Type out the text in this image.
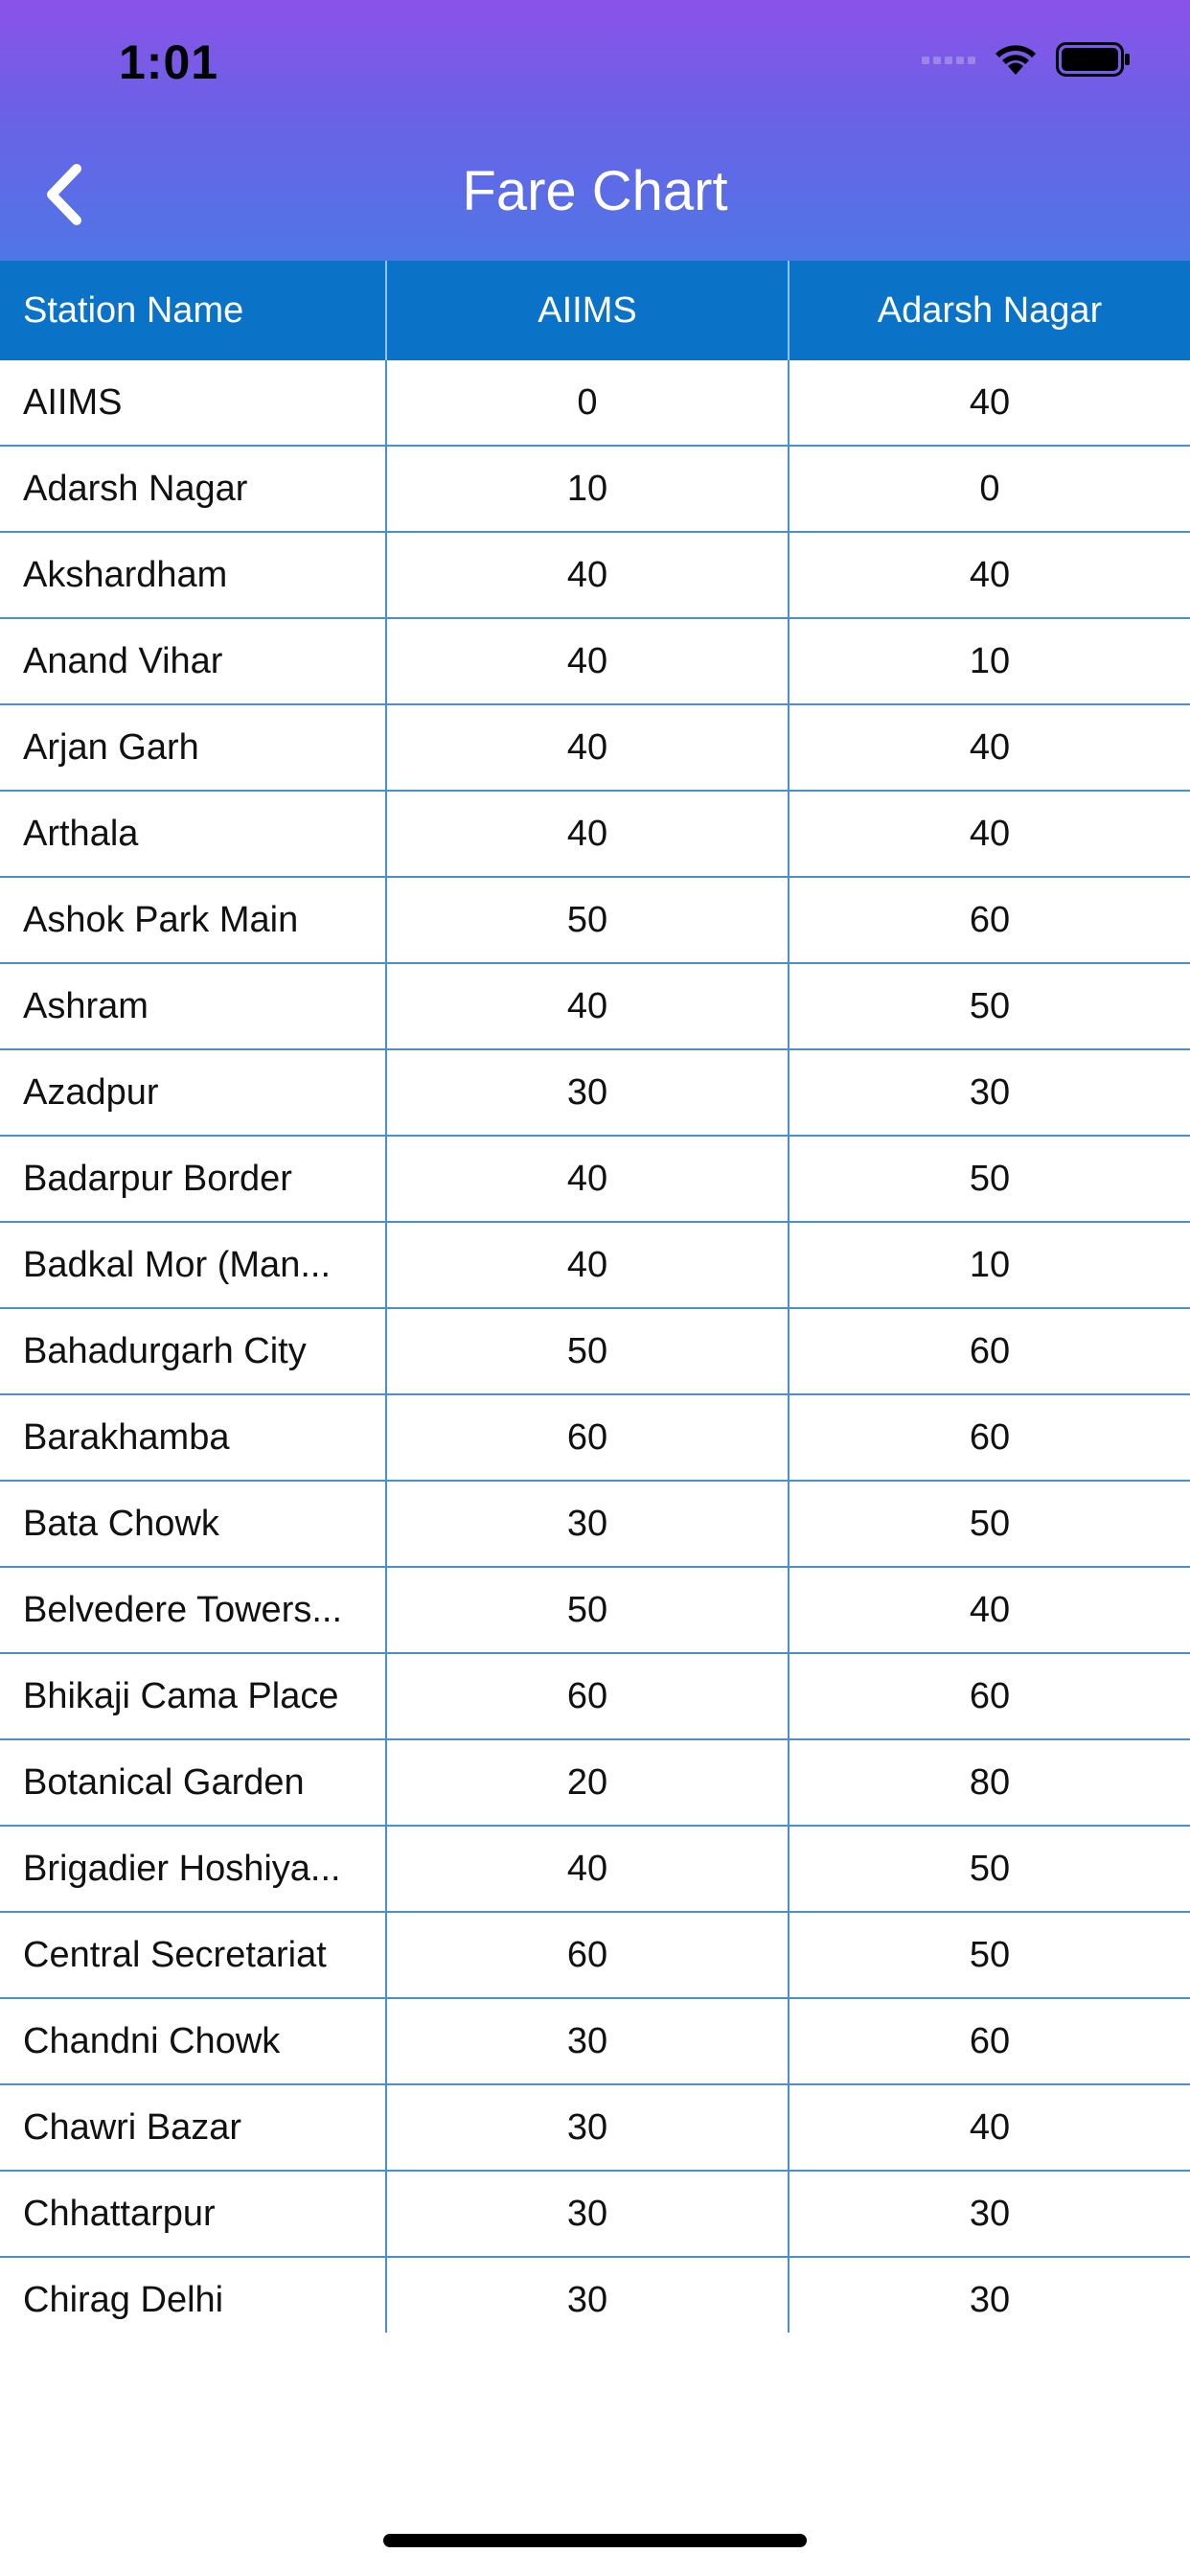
1:01
Fare Chart
Station Name	AIIMS	Adarsh Nagar
AIIMS	0	40
Adarsh Nagar	10	0
Akshardham	40	40
Anand Vihar	40	10
Arjan Garh	40	40
Arthala	40	40
Ashok Park Main	50	60
Ashram	40	50
Azadpur	30	30
Badarpur Border	40	50
Badkal Mor (Man...	40	10
Bahadurgarh City	50	60
Barakhamba	60	60
Bata Chowk	30	50
Belvedere Towers...	50	40
Bhikaji Cama Place	60	60
Botanical Garden	20	80
Brigadier Hoshiya...	40	50
Central Secretariat	60	50
Chandni Chowk	30	60
Chawri Bazar	30	40
Chhattarpur	30	30
Chirag Delhi	30	30
